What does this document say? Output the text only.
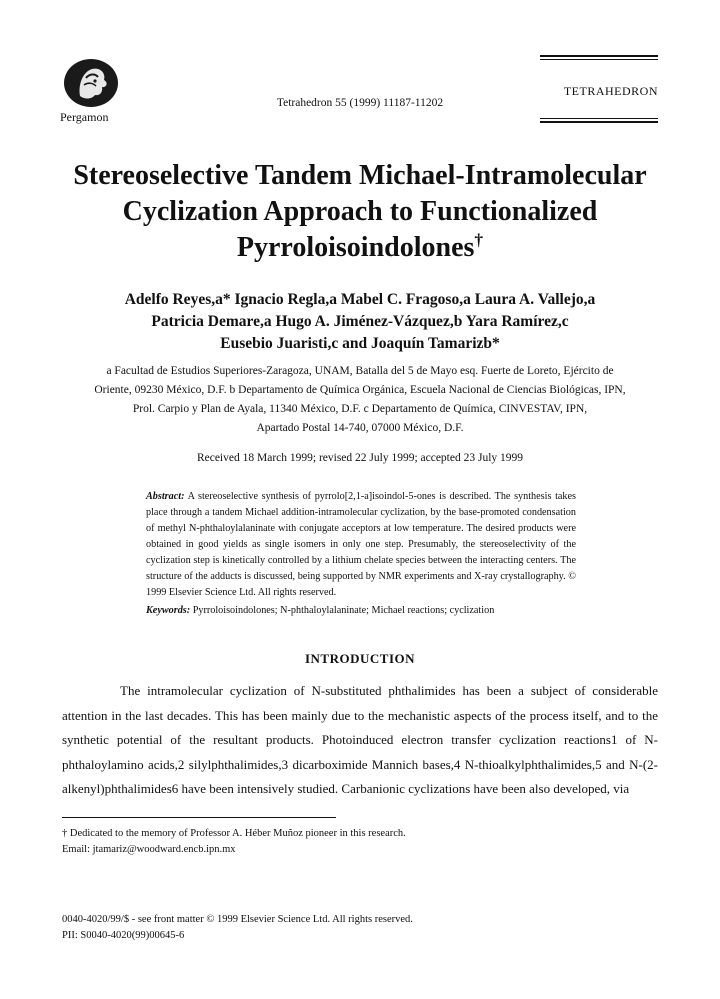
Pergamon
TETRAHEDRON
Tetrahedron 55 (1999) 11187-11202
Stereoselective Tandem Michael-Intramolecular
Cyclization Approach to Functionalized
Pyrroloisoindolones†
Adelfo Reyes,a* Ignacio Regla,a Mabel C. Fragoso,a Laura A. Vallejo,a
Patricia Demare,a Hugo A. Jiménez-Vázquez,b Yara Ramírez,c
Eusebio Juaristi,c and Joaquín Tamarizb*
a Facultad de Estudios Superiores-Zaragoza, UNAM, Batalla del 5 de Mayo esq. Fuerte de Loreto, Ejército de
Oriente, 09230 México, D.F. b Departamento de Química Orgánica, Escuela Nacional de Ciencias Biológicas, IPN,
Prol. Carpio y Plan de Ayala, 11340 México, D.F. c Departamento de Química, CINVESTAV, IPN,
Apartado Postal 14-740, 07000 México, D.F.
Received 18 March 1999; revised 22 July 1999; accepted 23 July 1999
Abstract: A stereoselective synthesis of pyrrolo[2,1-a]isoindol-5-ones is described. The synthesis takes place through a tandem Michael addition-intramolecular cyclization, by the base-promoted condensation of methyl N-phthaloylalaninate with conjugate acceptors at low temperature. The desired products were obtained in good yields as single isomers in only one step. Presumably, the stereoselectivity of the cyclization step is kinetically controlled by a lithium chelate species between the interacting centers. The structure of the adducts is discussed, being supported by NMR experiments and X-ray crystallography. © 1999 Elsevier Science Ltd. All rights reserved.
Keywords: Pyrroloisoindolones; N-phthaloylalaninate; Michael reactions; cyclization
INTRODUCTION

The intramolecular cyclization of N-substituted phthalimides has been a subject of considerable attention in the last decades. This has been mainly due to the mechanistic aspects of the process itself, and to the synthetic potential of the resultant products. Photoinduced electron transfer cyclization reactions1 of N-phthaloylamino acids,2 silylphthalimides,3 dicarboximide Mannich bases,4 N-thioalkylphthalimides,5 and N-(2-alkenyl)phthalimides6 have been intensively studied. Carbanionic cyclizations have been also developed, via

† Dedicated to the memory of Professor A. Héber Muñoz pioneer in this research.
Email: jtamariz@woodward.encb.ipn.mx
0040-4020/99/$ - see front matter © 1999 Elsevier Science Ltd. All rights reserved.
PII: S0040-4020(99)00645-6
